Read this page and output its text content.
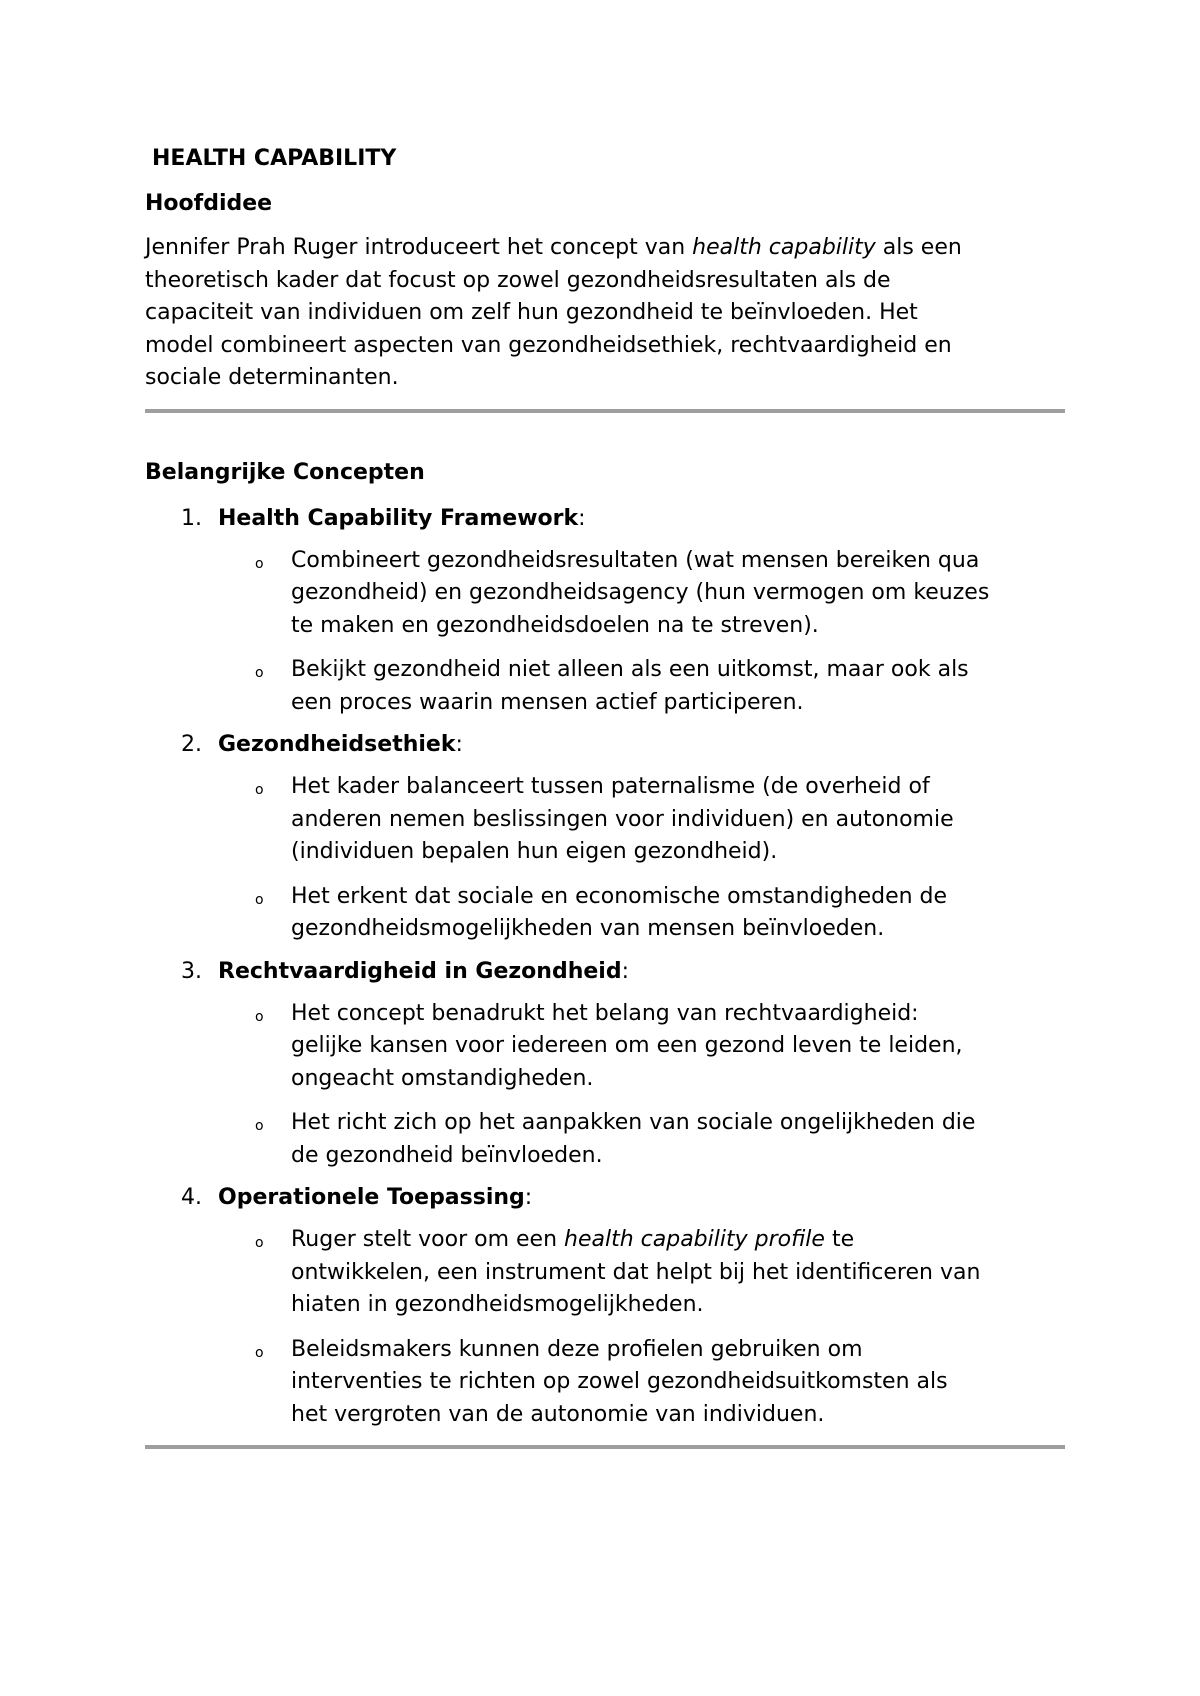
HEALTH CAPABILITY
Hoofdidee
Jennifer Prah Ruger introduceert het concept van health capability als een
theoretisch kader dat focust op zowel gezondheidsresultaten als de
capaciteit van individuen om zelf hun gezondheid te beïnvloeden. Het
model combineert aspecten van gezondheidsethiek, rechtvaardigheid en
sociale determinanten.
Belangrijke Concepten
1. Health Capability Framework:
o Combineert gezondheidsresultaten (wat mensen bereiken qua
gezondheid) en gezondheidsagency (hun vermogen om keuzes
te maken en gezondheidsdoelen na te streven).
o Bekijkt gezondheid niet alleen als een uitkomst, maar ook als
een proces waarin mensen actief participeren.
2. Gezondheidsethiek:
o Het kader balanceert tussen paternalisme (de overheid of
anderen nemen beslissingen voor individuen) en autonomie
(individuen bepalen hun eigen gezondheid).
o Het erkent dat sociale en economische omstandigheden de
gezondheidsmogelijkheden van mensen beïnvloeden.
3. Rechtvaardigheid in Gezondheid:
o Het concept benadrukt het belang van rechtvaardigheid:
gelijke kansen voor iedereen om een gezond leven te leiden,
ongeacht omstandigheden.
o Het richt zich op het aanpakken van sociale ongelijkheden die
de gezondheid beïnvloeden.
4. Operationele Toepassing:
o Ruger stelt voor om een health capability profile te
ontwikkelen, een instrument dat helpt bij het identificeren van
hiaten in gezondheidsmogelijkheden.
o Beleidsmakers kunnen deze profielen gebruiken om
interventies te richten op zowel gezondheidsuitkomsten als
het vergroten van de autonomie van individuen.
